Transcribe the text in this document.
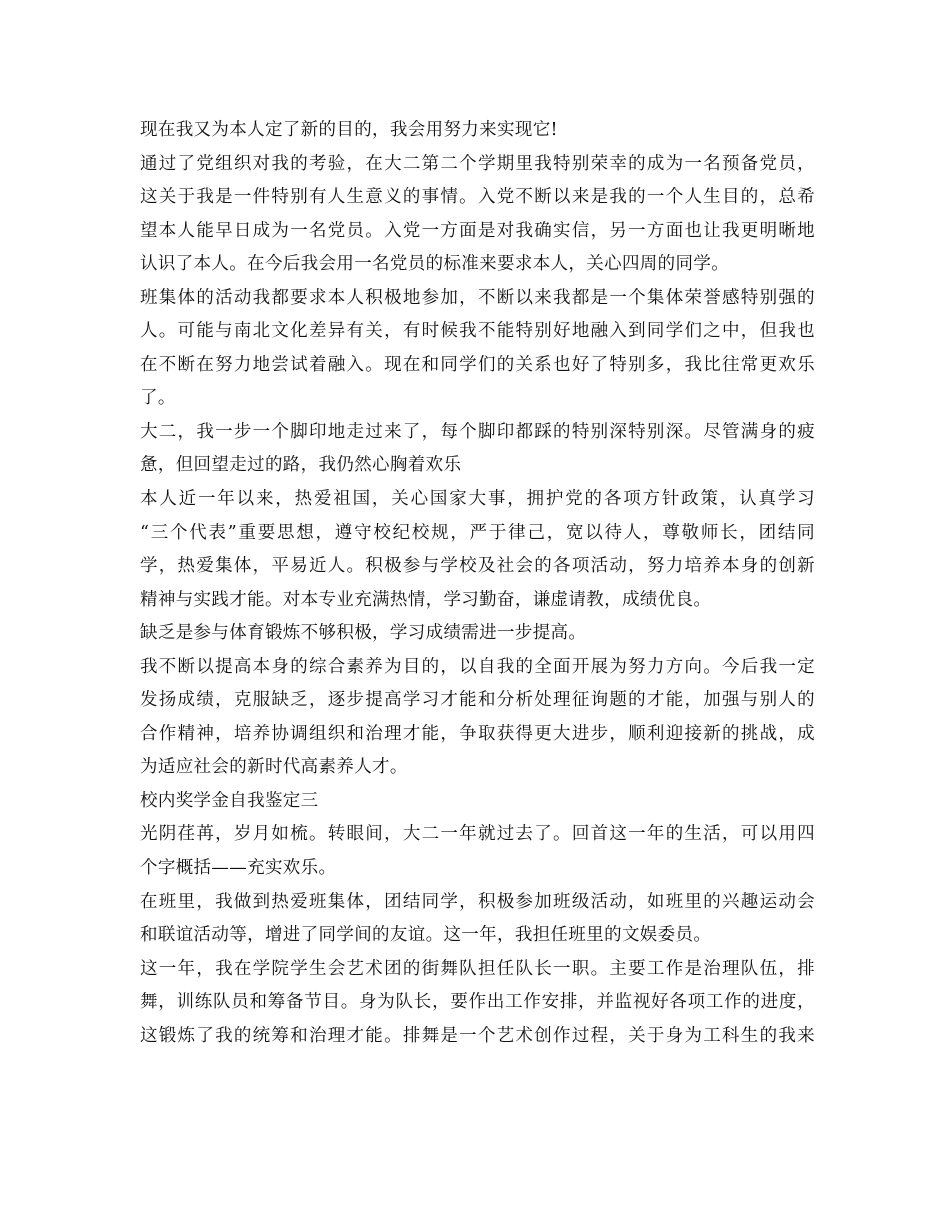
现在我又为本人定了新的目的，我会用努力来实现它!
通过了党组织对我的考验，在大二第二个学期里我特别荣幸的成为一名预备党员，
这关于我是一件特别有人生意义的事情。入党不断以来是我的一个人生目的，总希
望本人能早日成为一名党员。入党一方面是对我确实信，另一方面也让我更明晰地
认识了本人。在今后我会用一名党员的标准来要求本人，关心四周的同学。
班集体的活动我都要求本人积极地参加，不断以来我都是一个集体荣誉感特别强的
人。可能与南北文化差异有关，有时候我不能特别好地融入到同学们之中，但我也
在不断在努力地尝试着融入。现在和同学们的关系也好了特别多，我比往常更欢乐
了。
大二，我一步一个脚印地走过来了，每个脚印都踩的特别深特别深。尽管满身的疲
惫，但回望走过的路，我仍然心胸着欢乐
本人近一年以来，热爱祖国，关心国家大事，拥护党的各项方针政策，认真学习
“三个代表”重要思想，遵守校纪校规，严于律己，宽以待人，尊敬师长，团结同
学，热爱集体，平易近人。积极参与学校及社会的各项活动，努力培养本身的创新
精神与实践才能。对本专业充满热情，学习勤奋，谦虚请教，成绩优良。
缺乏是参与体育锻炼不够积极，学习成绩需进一步提高。
我不断以提高本身的综合素养为目的，以自我的全面开展为努力方向。今后我一定
发扬成绩，克服缺乏，逐步提高学习才能和分析处理征询题的才能，加强与别人的
合作精神，培养协调组织和治理才能，争取获得更大进步，顺利迎接新的挑战，成
为适应社会的新时代高素养人才。
校内奖学金自我鉴定三
光阴荏苒，岁月如梳。转眼间，大二一年就过去了。回首这一年的生活，可以用四
个字概括——充实欢乐。
在班里，我做到热爱班集体，团结同学，积极参加班级活动，如班里的兴趣运动会
和联谊活动等，增进了同学间的友谊。这一年，我担任班里的文娱委员。
这一年，我在学院学生会艺术团的街舞队担任队长一职。主要工作是治理队伍，排
舞，训练队员和筹备节目。身为队长，要作出工作安排，并监视好各项工作的进度，
这锻炼了我的统筹和治理才能。排舞是一个艺术创作过程，关于身为工科生的我来
